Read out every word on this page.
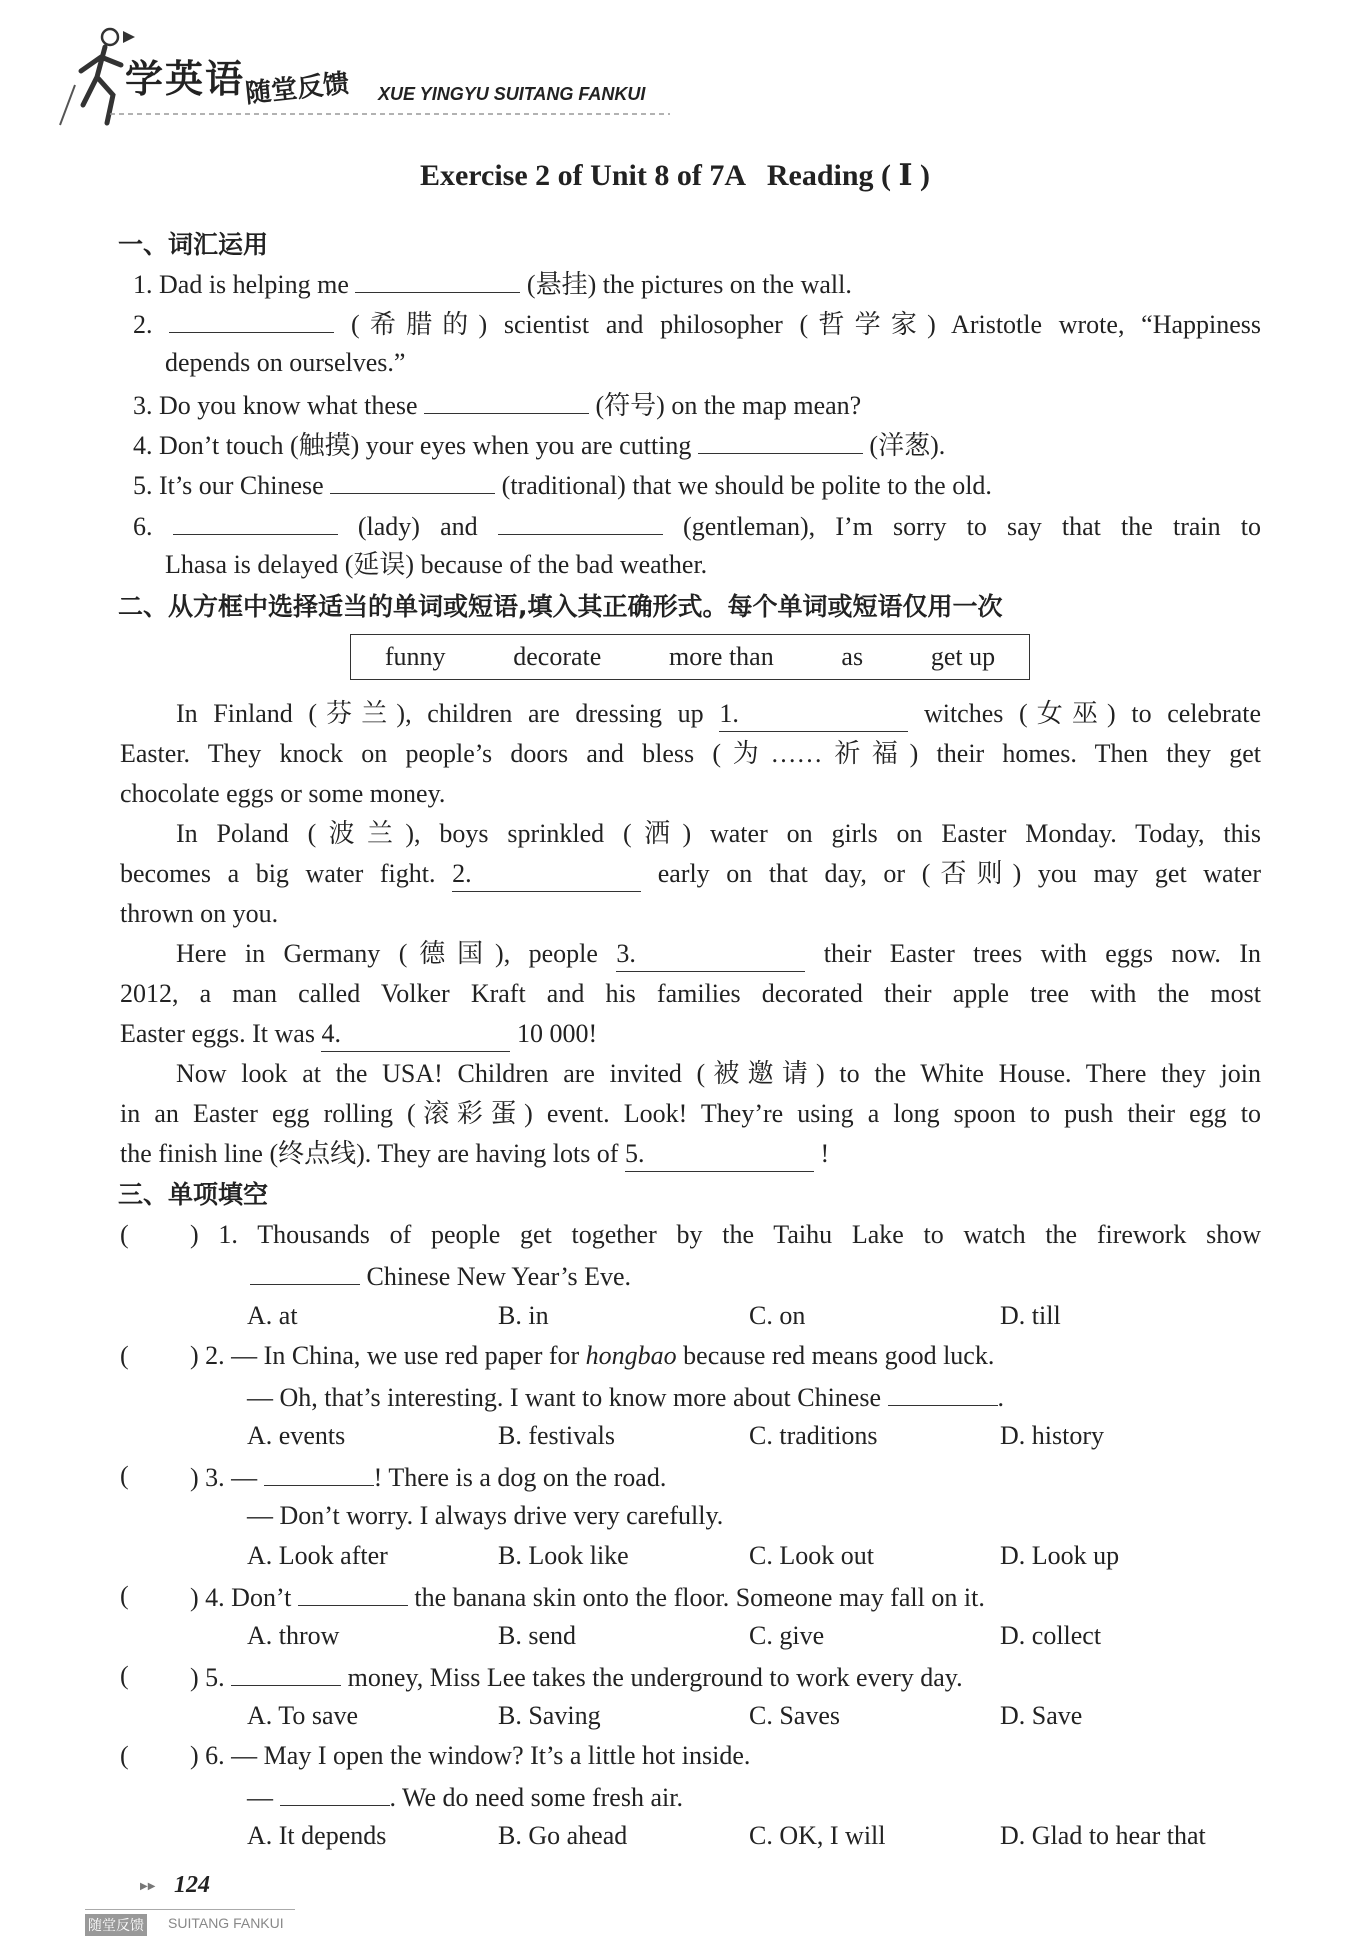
学英语
随堂反馈 XUE YINGYU SUITANG FANKUI
Exercise 2 of Unit 8 of 7A   Reading ( Ⅰ )
一、词汇运用
1. Dad is helping me	(悬挂) the pictures on the wall.
2.	(希腊的) scientist and philosopher (哲学家) Aristotle wrote, “Happiness
depends on ourselves.”
3. Do you know what these	(符号) on the map mean?
4. Don’t touch (触摸) your eyes when you are cutting	(洋葱).
5. It’s our Chinese	(traditional) that we should be polite to the old.
6.	(lady) and	(gentleman), I’m sorry to say that the train to
Lhasa is delayed (延误) because of the bad weather.
二、从方框中选择适当的单词或短语,填入其正确形式。每个单词或短语仅用一次
funny	decorate	more than	as	get up
In Finland (芬兰), children are dressing up 1.	witches (女巫) to celebrate
Easter. They knock on people’s doors and bless (为……祈福) their homes. Then they get
chocolate eggs or some money.
In Poland (波兰), boys sprinkled (洒) water on girls on Easter Monday. Today, this
becomes a big water fight. 2.	early on that day, or (否则) you may get water
thrown on you.
Here in Germany (德国), people 3.	their Easter trees with eggs now. In
2012, a man called Volker Kraft and his families decorated their apple tree with the most
Easter eggs. It was 4.	10 000!
Now look at the USA! Children are invited (被邀请) to the White House. There they join
in an Easter egg rolling (滚彩蛋) event. Look! They’re using a long spoon to push their egg to
the finish line (终点线). They are having lots of 5.	!
三、单项填空
( ) 1. Thousands of people get together by the Taihu Lake to watch the firework show
Chinese New Year’s Eve.
A. at	B. in	C. on	D. till
( ) 2. — In China, we use red paper for hongbao because red means good luck.
— Oh, that’s interesting. I want to know more about Chinese	.
A. events	B. festivals	C. traditions	D. history
( ) 3. —	! There is a dog on the road.
— Don’t worry. I always drive very carefully.
A. Look after	B. Look like	C. Look out	D. Look up
( ) 4. Don’t	the banana skin onto the floor. Someone may fall on it.
A. throw	B. send	C. give	D. collect
( ) 5.	money, Miss Lee takes the underground to work every day.
A. To save	B. Saving	C. Saves	D. Save
( ) 6. — May I open the window? It’s a little hot inside.
—	. We do need some fresh air.
A. It depends	B. Go ahead	C. OK, I will	D. Glad to hear that
▶▶ 124
随堂反馈 SUITANG FANKUI
